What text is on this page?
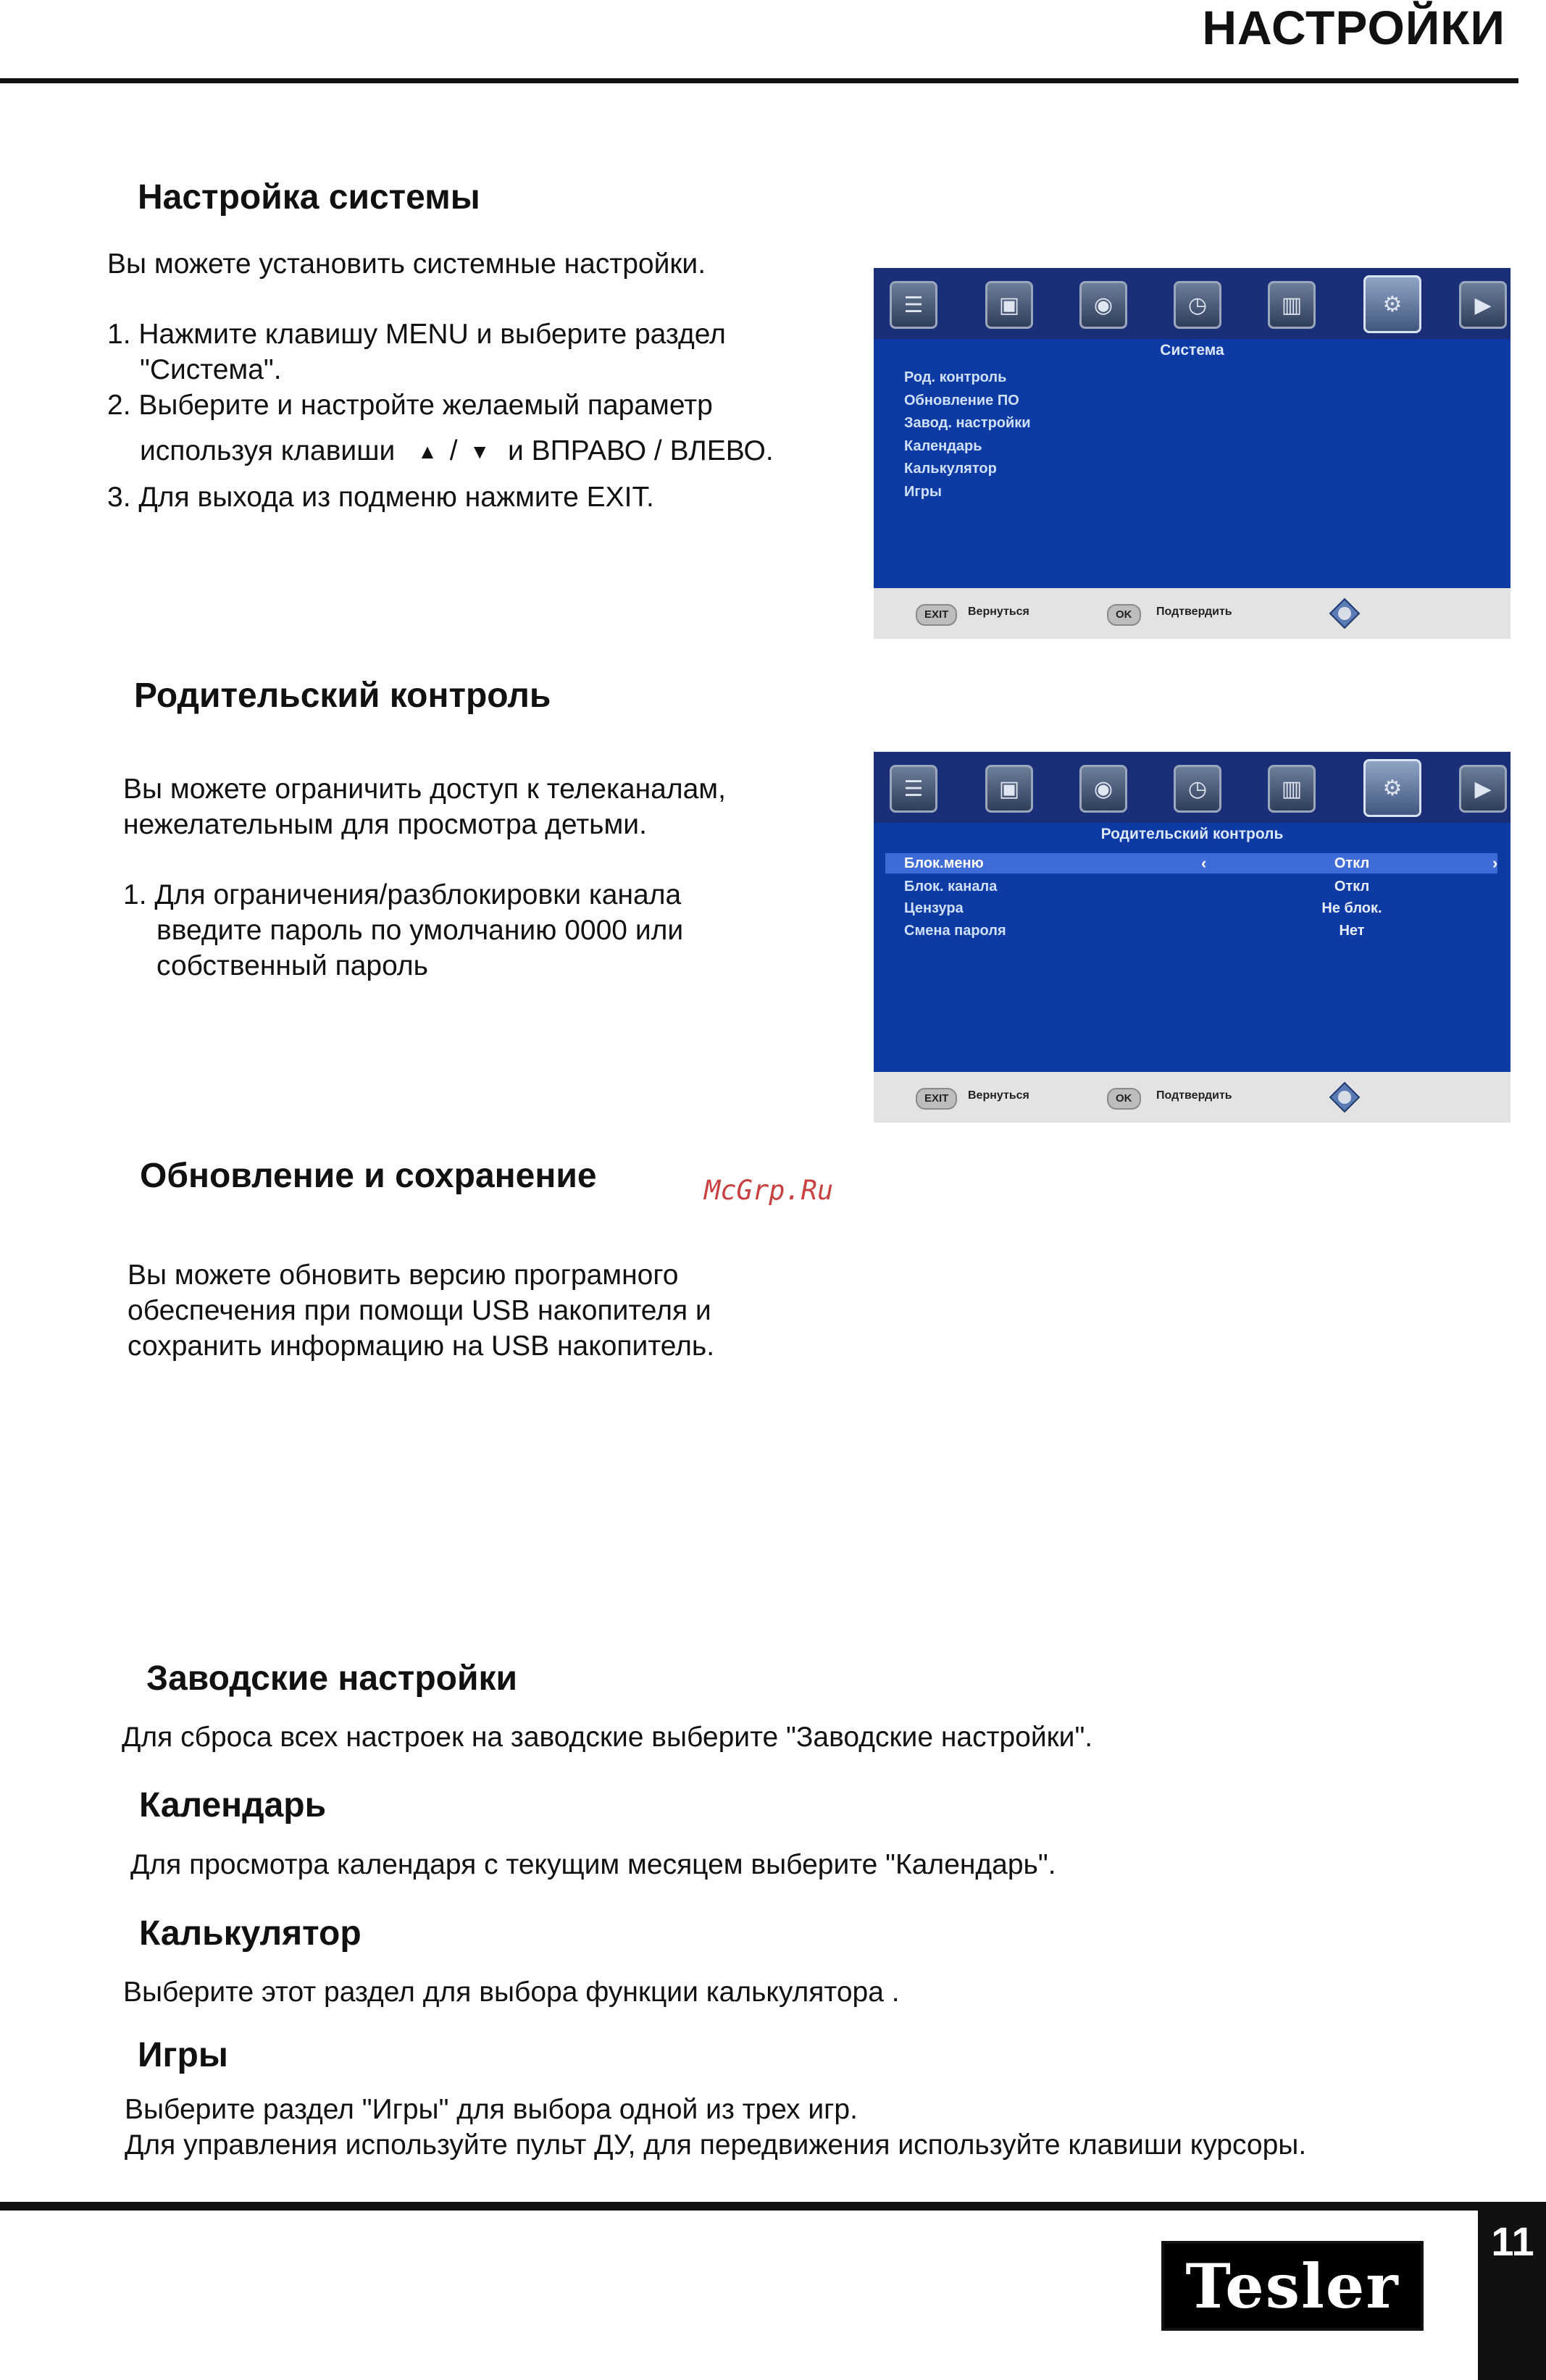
НАСТРОЙКИ
Настройка системы
Вы можете установить системные настройки.
1. Нажмите клавишу MENU и выберите раздел
"Система".
2. Выберите и настройте желаемый параметр
используя клавиши ▲ / ▼ и ВПРАВО / ВЛЕВО.
3. Для выхода из подменю нажмите EXIT.
☰	▣	◉	◷	▥	⚙	▶
Система
Род. контроль
Обновление ПО
Завод. настройки
Календарь
Калькулятор
Игры
EXIT	Вернуться	OK	Подтвердить
Родительский контроль
Вы можете ограничить доступ к телеканалам,
нежелательным для просмотра детьми.
1. Для ограничения/разблокировки канала
введите пароль по умолчанию 0000 или
собственный пароль
☰	▣	◉	◷	▥	⚙	▶
Родительский контроль
Блок.меню	‹	Откл	›
Блок. канала	Откл
Цензура	Не блок.
Смена пароля	Нет
EXIT	Вернуться	OK	Подтвердить
Обновление и сохранение	McGrp.Ru
Вы можете обновить версию програмного
обеспечения при помощи USB накопителя и
сохранить информацию на USB накопитель.
Заводские настройки
Для сброса всех настроек на заводские выберите "Заводские настройки".
Календарь
Для просмотра календаря с текущим месяцем выберите "Календарь".
Калькулятор
Выберите этот раздел для выбора функции калькулятора .
Игры
Выберите раздел "Игры" для выбора одной из трех игр.
Для управления используйте пульт ДУ, для передвижения используйте клавиши курсоры.
11
Tesler
